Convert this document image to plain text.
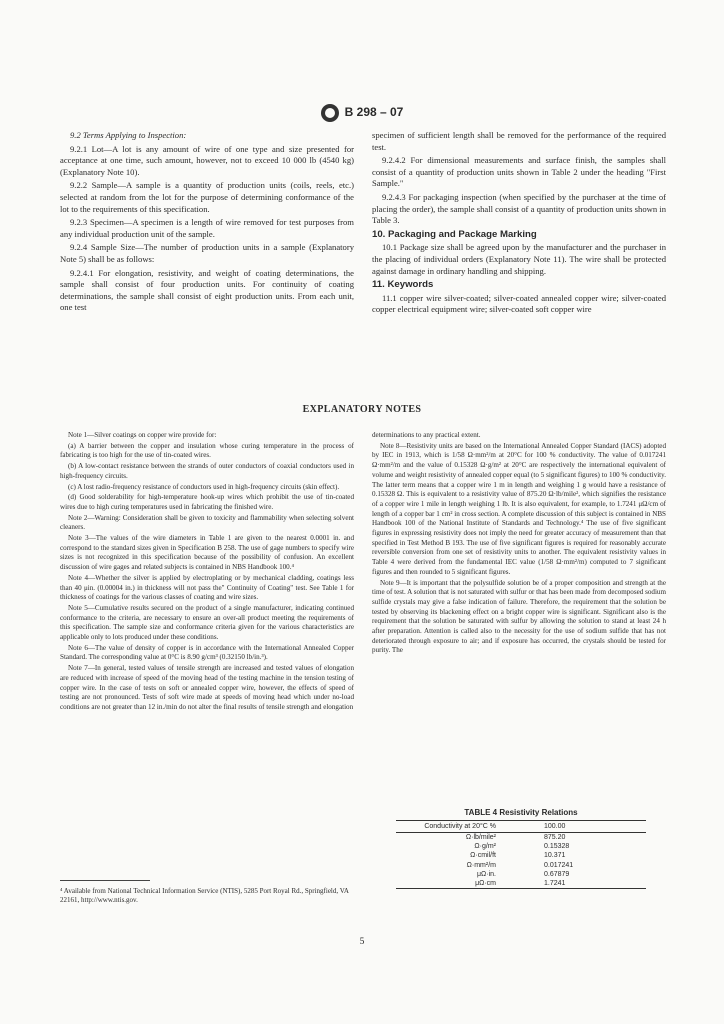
B 298 – 07

9.2 Terms Applying to Inspection:

9.2.1 Lot—A lot is any amount of wire of one type and size presented for acceptance at one time, such amount, however, not to exceed 10 000 lb (4540 kg) (Explanatory Note 10).

9.2.2 Sample—A sample is a quantity of production units (coils, reels, etc.) selected at random from the lot for the purpose of determining conformance of the lot to the requirements of this specification.

9.2.3 Specimen—A specimen is a length of wire removed for test purposes from any individual production unit of the sample.

9.2.4 Sample Size—The number of production units in a sample (Explanatory Note 5) shall be as follows:

9.2.4.1 For elongation, resistivity, and weight of coating determinations, the sample shall consist of four production units. For continuity of coating determinations, the sample shall consist of eight production units. From each unit, one test

specimen of sufficient length shall be removed for the performance of the required test.

9.2.4.2 For dimensional measurements and surface finish, the samples shall consist of a quantity of production units shown in Table 2 under the heading "First Sample."

9.2.4.3 For packaging inspection (when specified by the purchaser at the time of placing the order), the sample shall consist of a quantity of production units shown in Table 3.

10. Packaging and Package Marking

10.1 Package size shall be agreed upon by the manufacturer and the purchaser in the placing of individual orders (Explanatory Note 11). The wire shall be protected against damage in ordinary handling and shipping.

11. Keywords

11.1 copper wire silver-coated; silver-coated annealed copper wire; silver-coated copper electrical equipment wire; silver-coated soft copper wire

EXPLANATORY NOTES

Note 1—Silver coatings on copper wire provide for:

(a) A barrier between the copper and insulation whose curing temperature in the process of fabricating is too high for the use of tin-coated wires.

(b) A low-contact resistance between the strands of outer conductors of coaxial conductors used in high-frequency circuits.

(c) A lost radio-frequency resistance of conductors used in high-frequency circuits (skin effect).

(d) Good solderability for high-temperature hook-up wires which prohibit the use of tin-coated wires due to high curing temperatures used in fabricating the finished wire.

Note 2—Warning: Consideration shall be given to toxicity and flammability when selecting solvent cleaners.

Note 3—The values of the wire diameters in Table 1 are given to the nearest 0.0001 in. and correspond to the standard sizes given in Specification B 258. The use of gage numbers to specify wire sizes is not recognized in this specification because of the possibility of confusion. An excellent discussion of wire gages and related subjects is contained in NBS Handbook 100.⁴

Note 4—Whether the silver is applied by electroplating or by mechanical cladding, coatings less than 40 μin. (0.00004 in.) in thickness will not pass the" Continuity of Coating" test. See Table 1 for thickness of coatings for the various classes of coating and wire sizes.

Note 5—Cumulative results secured on the product of a single manufacturer, indicating continued conformance to the criteria, are necessary to ensure an over-all product meeting the requirements of this specification. The sample size and conformance criteria given for the various characteristics are applicable only to lots produced under these conditions.

Note 6—The value of density of copper is in accordance with the International Annealed Copper Standard. The corresponding value at 0°C is 8.90 g/cm³ (0.32150 lb/in.³).

Note 7—In general, tested values of tensile strength are increased and tested values of elongation are reduced with increase of speed of the moving head of the testing machine in the tension testing of copper wire. In the case of tests on soft or annealed copper wire, however, the effects of speed of testing are not pronounced. Tests of soft wire made at speeds of moving head which under no-load conditions are not greater than 12 in./min do not alter the final results of tensile strength and elongation

determinations to any practical extent.

Note 8—Resistivity units are based on the International Annealed Copper Standard (IACS) adopted by IEC in 1913, which is 1/58 Ω·mm²/m at 20°C for 100 % conductivity. The value of 0.017241 Ω·mm²/m and the value of 0.15328 Ω·g/m² at 20°C are respectively the international equivalent of volume and weight resistivity of annealed copper equal (to 5 significant figures) to 100 % conductivity. The latter term means that a copper wire 1 m in length and weighing 1 g would have a resistance of 0.15328 Ω. This is equivalent to a resistivity value of 875.20 Ω·lb/mile², which signifies the resistance of a copper wire 1 mile in length weighing 1 lb. It is also equivalent, for example, to 1.7241 μΩ/cm of length of a copper bar 1 cm² in cross section. A complete discussion of this subject is contained in NBS Handbook 100 of the National Institute of Standards and Technology.⁴ The use of five significant figures in expressing resistivity does not imply the need for greater accuracy of measurement than that specified in Test Method B 193. The use of five significant figures is required for reasonably accurate reversible conversion from one set of resistivity units to another. The equivalent resistivity values in Table 4 were derived from the fundamental IEC value (1/58 Ω·mm²/m) computed to 7 significant figures and then rounded to 5 significant figures.

Note 9—It is important that the polysulfide solution be of a proper composition and strength at the time of test. A solution that is not saturated with sulfur or that has been made from decomposed sodium sulfide crystals may give a false indication of failure. Therefore, the requirement that the solution be tested by observing its blackening effect on a bright copper wire is significant. Significant also is the requirement that the solution be saturated with sulfur by allowing the solution to stand at least 24 h after preparation. Attention is called also to the necessity for the use of sodium sulfide that has not deteriorated through exposure to air; and if exposure has occurred, the crystals should be tested for purity. The

TABLE 4 Resistivity Relations
Conductivity at 20°C %	100.00
Ω·lb/mile²	875.20
Ω·g/m²	0.15328
Ω·cmil/ft	10.371
Ω·mm²/m	0.017241
μΩ·in.	0.67879
μΩ·cm	1.7241
⁴ Available from National Technical Information Service (NTIS), 5285 Port Royal Rd., Springfield, VA 22161, http://www.ntis.gov.
5
